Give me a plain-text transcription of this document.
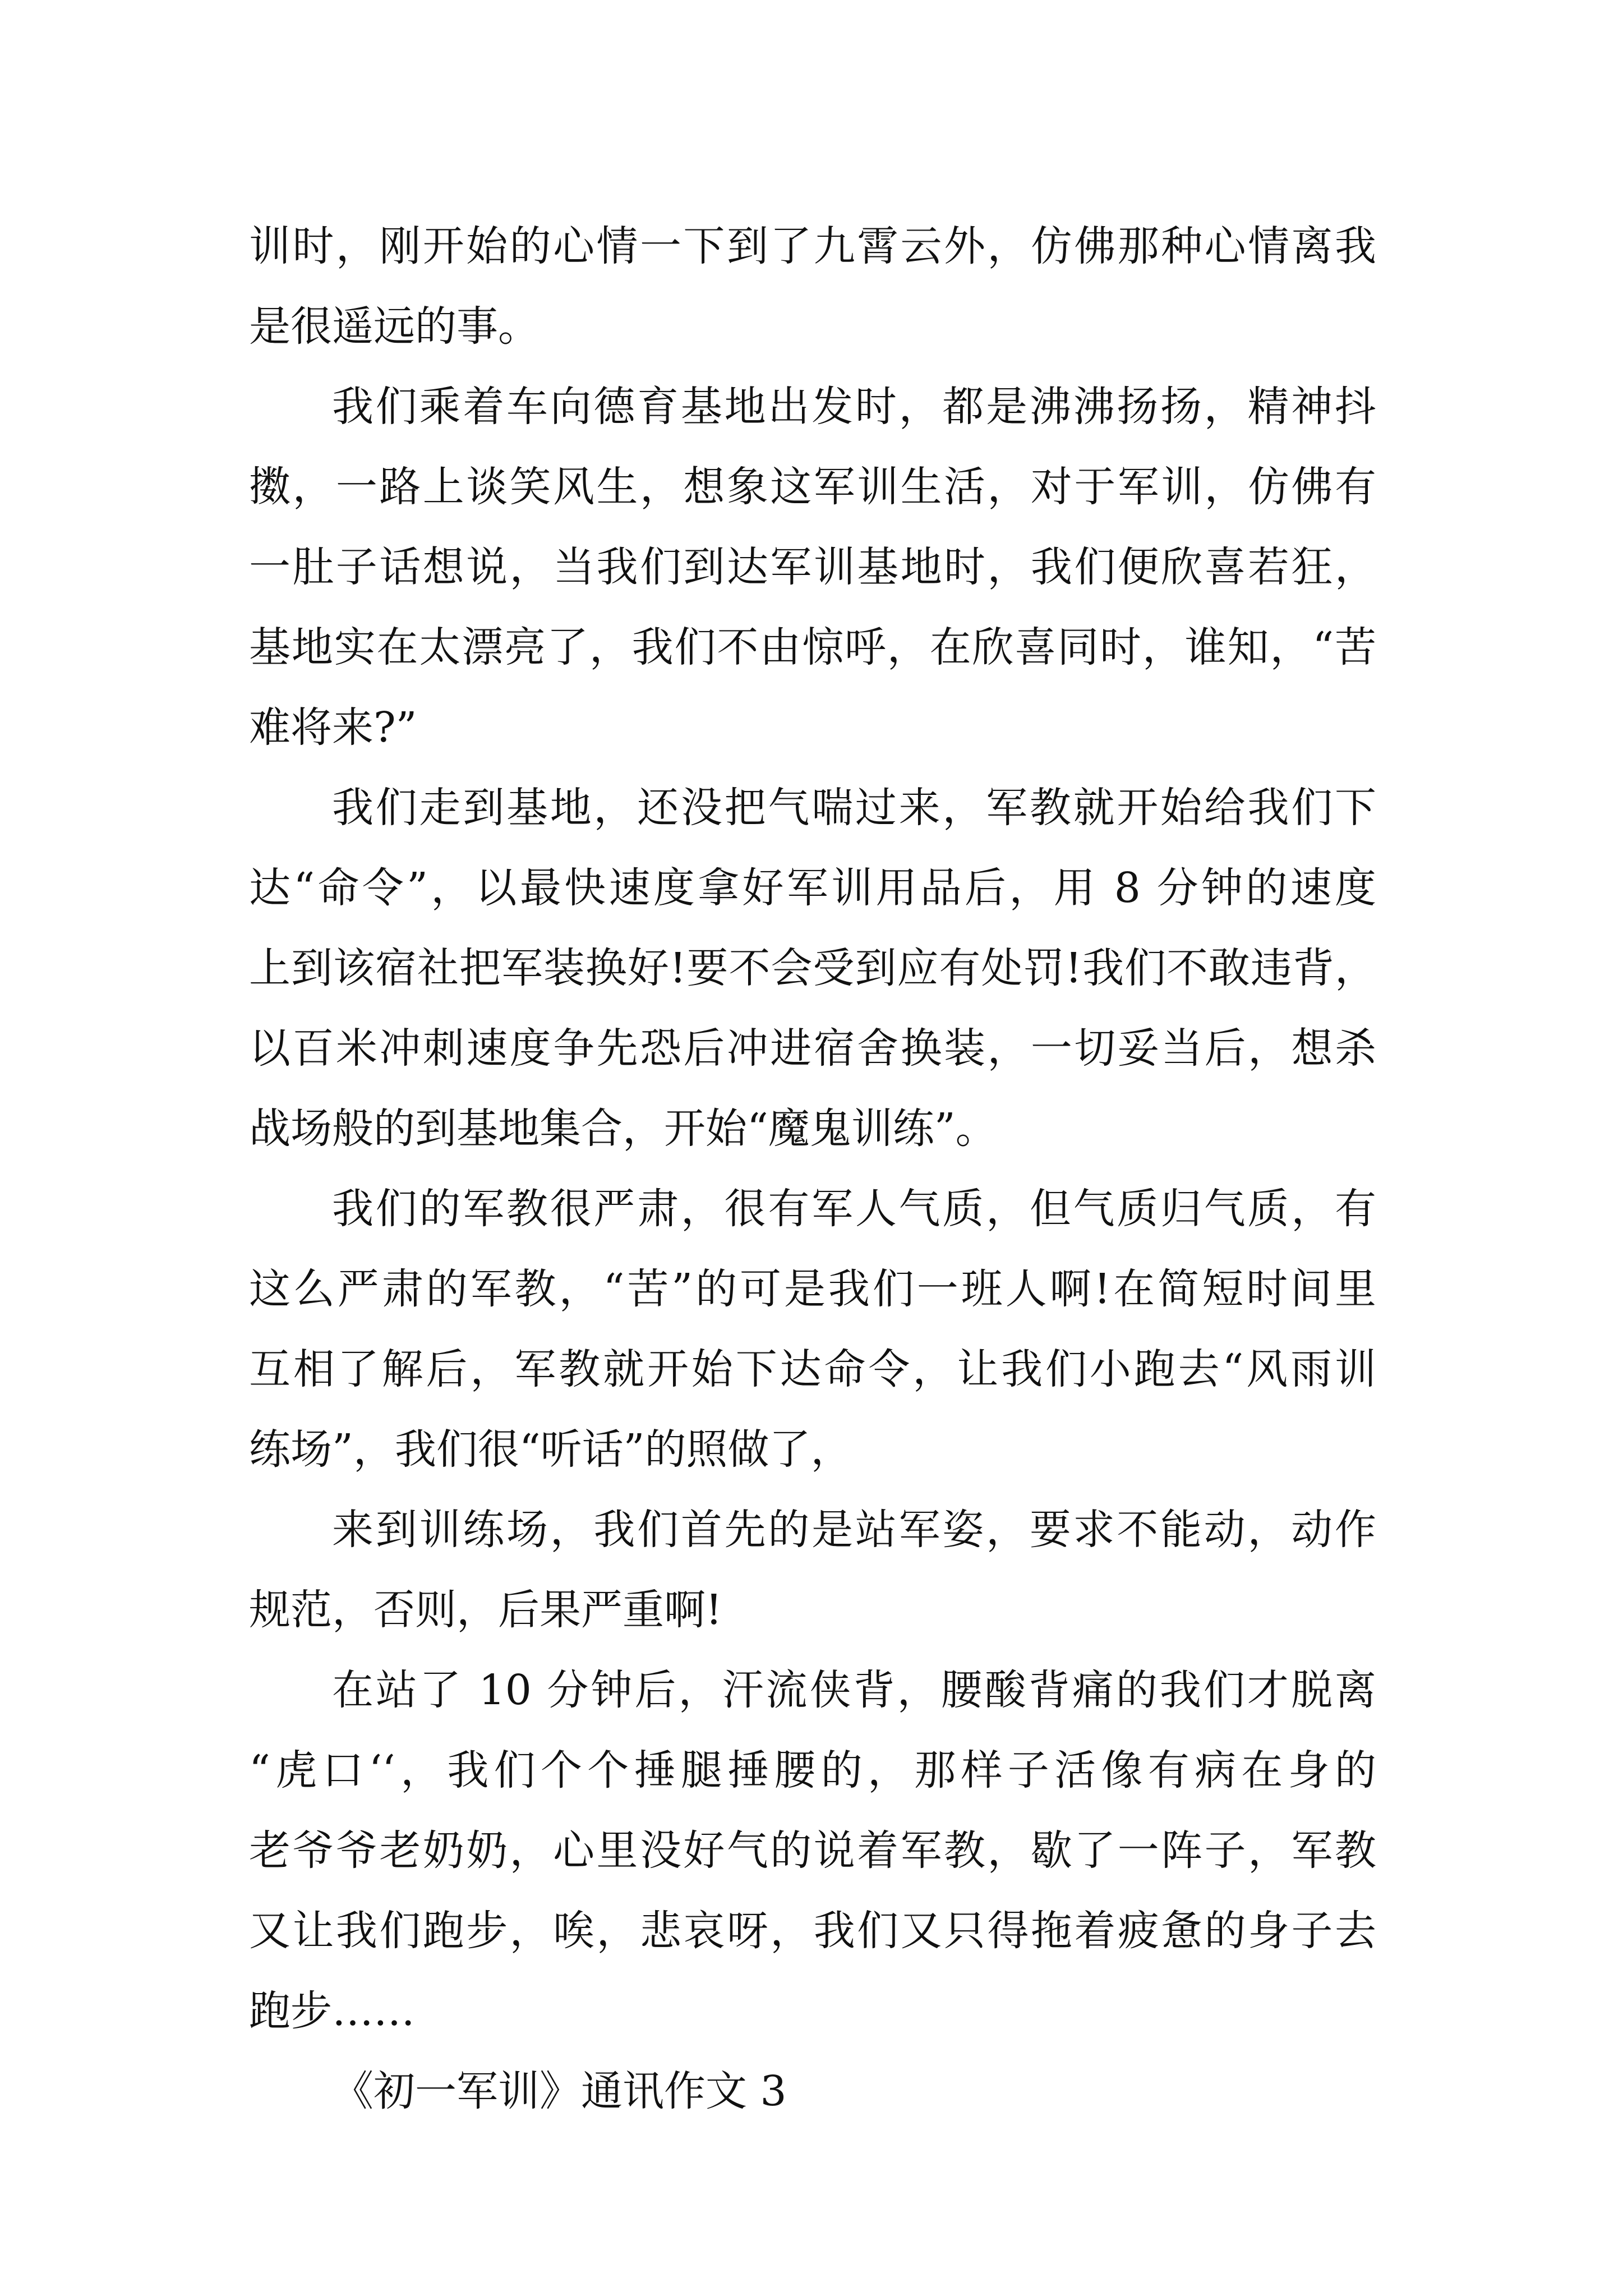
训时，刚开始的心情一下到了九霄云外，仿佛那种心情离我
是很遥远的事。
我们乘着车向德育基地出发时，都是沸沸扬扬，精神抖
擞，一路上谈笑风生，想象这军训生活，对于军训，仿佛有
一肚子话想说，当我们到达军训基地时，我们便欣喜若狂，
基地实在太漂亮了，我们不由惊呼，在欣喜同时，谁知，“苦
难将来?”
我们走到基地，还没把气喘过来，军教就开始给我们下
达“命令”，以最快速度拿好军训用品后，用 8 分钟的速度
上到该宿社把军装换好!要不会受到应有处罚!我们不敢违背，
以百米冲刺速度争先恐后冲进宿舍换装，一切妥当后，想杀
战场般的到基地集合，开始“魔鬼训练”。
我们的军教很严肃，很有军人气质，但气质归气质，有
这么严肃的军教，“苦”的可是我们一班人啊!在简短时间里
互相了解后，军教就开始下达命令，让我们小跑去“风雨训
练场”，我们很“听话”的照做了，
来到训练场，我们首先的是站军姿，要求不能动，动作
规范，否则，后果严重啊!
在站了 10 分钟后，汗流侠背，腰酸背痛的我们才脱离
“虎口‘‘，我们个个捶腿捶腰的，那样子活像有病在身的
老爷爷老奶奶，心里没好气的说着军教，歇了一阵子，军教
又让我们跑步，唉，悲哀呀，我们又只得拖着疲惫的身子去
跑步……
《初一军训》通讯作文 3
